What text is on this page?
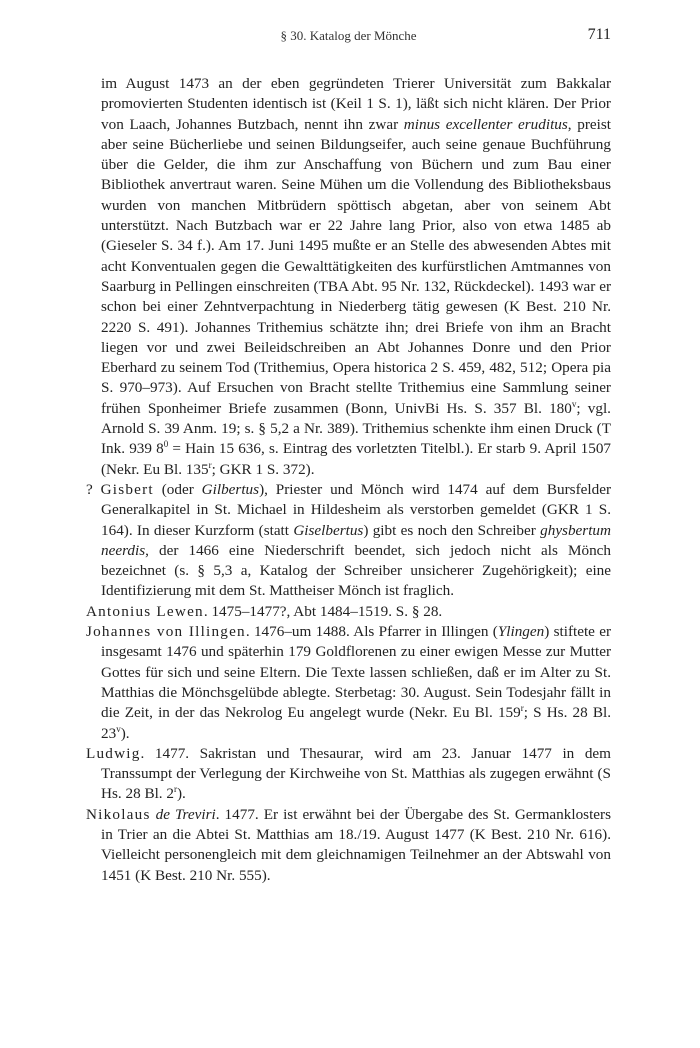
§ 30. Katalog der Mönche	711

im August 1473 an der eben gegründeten Trierer Universität zum Bakkalar promovierten Studenten identisch ist (Keil 1 S. 1), läßt sich nicht klären. Der Prior von Laach, Johannes Butzbach, nennt ihn zwar minus excellenter eruditus, preist aber seine Bücherliebe und seinen Bildungseifer, auch seine genaue Buchführung über die Gelder, die ihm zur Anschaffung von Büchern und zum Bau einer Bibliothek anvertraut waren. Seine Mühen um die Vollendung des Bibliotheksbaus wurden von manchen Mitbrüdern spöttisch abgetan, aber von seinem Abt unterstützt. Nach Butzbach war er 22 Jahre lang Prior, also von etwa 1485 ab (Gieseler S. 34 f.). Am 17. Juni 1495 mußte er an Stelle des abwesenden Abtes mit acht Konventualen gegen die Gewalttätigkeiten des kurfürstlichen Amtmannes von Saarburg in Pellingen einschreiten (TBA Abt. 95 Nr. 132, Rückdeckel). 1493 war er schon bei einer Zehntverpachtung in Niederberg tätig gewesen (K Best. 210 Nr. 2220 S. 491). Johannes Trithemius schätzte ihn; drei Briefe von ihm an Bracht liegen vor und zwei Beileidschreiben an Abt Johannes Donre und den Prior Eberhard zu seinem Tod (Trithemius, Opera historica 2 S. 459, 482, 512; Opera pia S. 970–973). Auf Ersuchen von Bracht stellte Trithemius eine Sammlung seiner frühen Sponheimer Briefe zusammen (Bonn, UnivBi Hs. S. 357 Bl. 180$^v$; vgl. Arnold S. 39 Anm. 19; s. § 5,2 a Nr. 389). Trithemius schenkte ihm einen Druck (T Ink. 939 $8^0$ = Hain 15 636, s. Eintrag des vorletzten Titelbl.). Er starb 9. April 1507 (Nekr. Eu Bl. 135$^r$; GKR 1 S. 372).

? Gisbert (oder Gilbertus), Priester und Mönch wird 1474 auf dem Bursfelder Generalkapitel in St. Michael in Hildesheim als verstorben gemeldet (GKR 1 S. 164). In dieser Kurzform (statt Giselbertus) gibt es noch den Schreiber ghysbertum neerdis, der 1466 eine Niederschrift beendet, sich jedoch nicht als Mönch bezeichnet (s. § 5,3 a, Katalog der Schreiber unsicherer Zugehörigkeit); eine Identifizierung mit dem St. Mattheiser Mönch ist fraglich.

Antonius Lewen. 1475–1477?, Abt 1484–1519. S. § 28.

Johannes von Illingen. 1476–um 1488. Als Pfarrer in Illingen (Ylingen) stiftete er insgesamt 1476 und späterhin 179 Goldflorenen zu einer ewigen Messe zur Mutter Gottes für sich und seine Eltern. Die Texte lassen schließen, daß er im Alter zu St. Matthias die Mönchsgelübde ablegte. Sterbetag: 30. August. Sein Todesjahr fällt in die Zeit, in der das Nekrolog Eu angelegt wurde (Nekr. Eu Bl. 159$^r$; S Hs. 28 Bl. 23$^v$).

Ludwig. 1477. Sakristan und Thesaurar, wird am 23. Januar 1477 in dem Transsumpt der Verlegung der Kirchweihe von St. Matthias als zugegen erwähnt (S Hs. 28 Bl. 2$^r$).

Nikolaus de Treviri. 1477. Er ist erwähnt bei der Übergabe des St. Germanklosters in Trier an die Abtei St. Matthias am 18./19. August 1477 (K Best. 210 Nr. 616). Vielleicht personengleich mit dem gleichnamigen Teilnehmer an der Abtswahl von 1451 (K Best. 210 Nr. 555).
